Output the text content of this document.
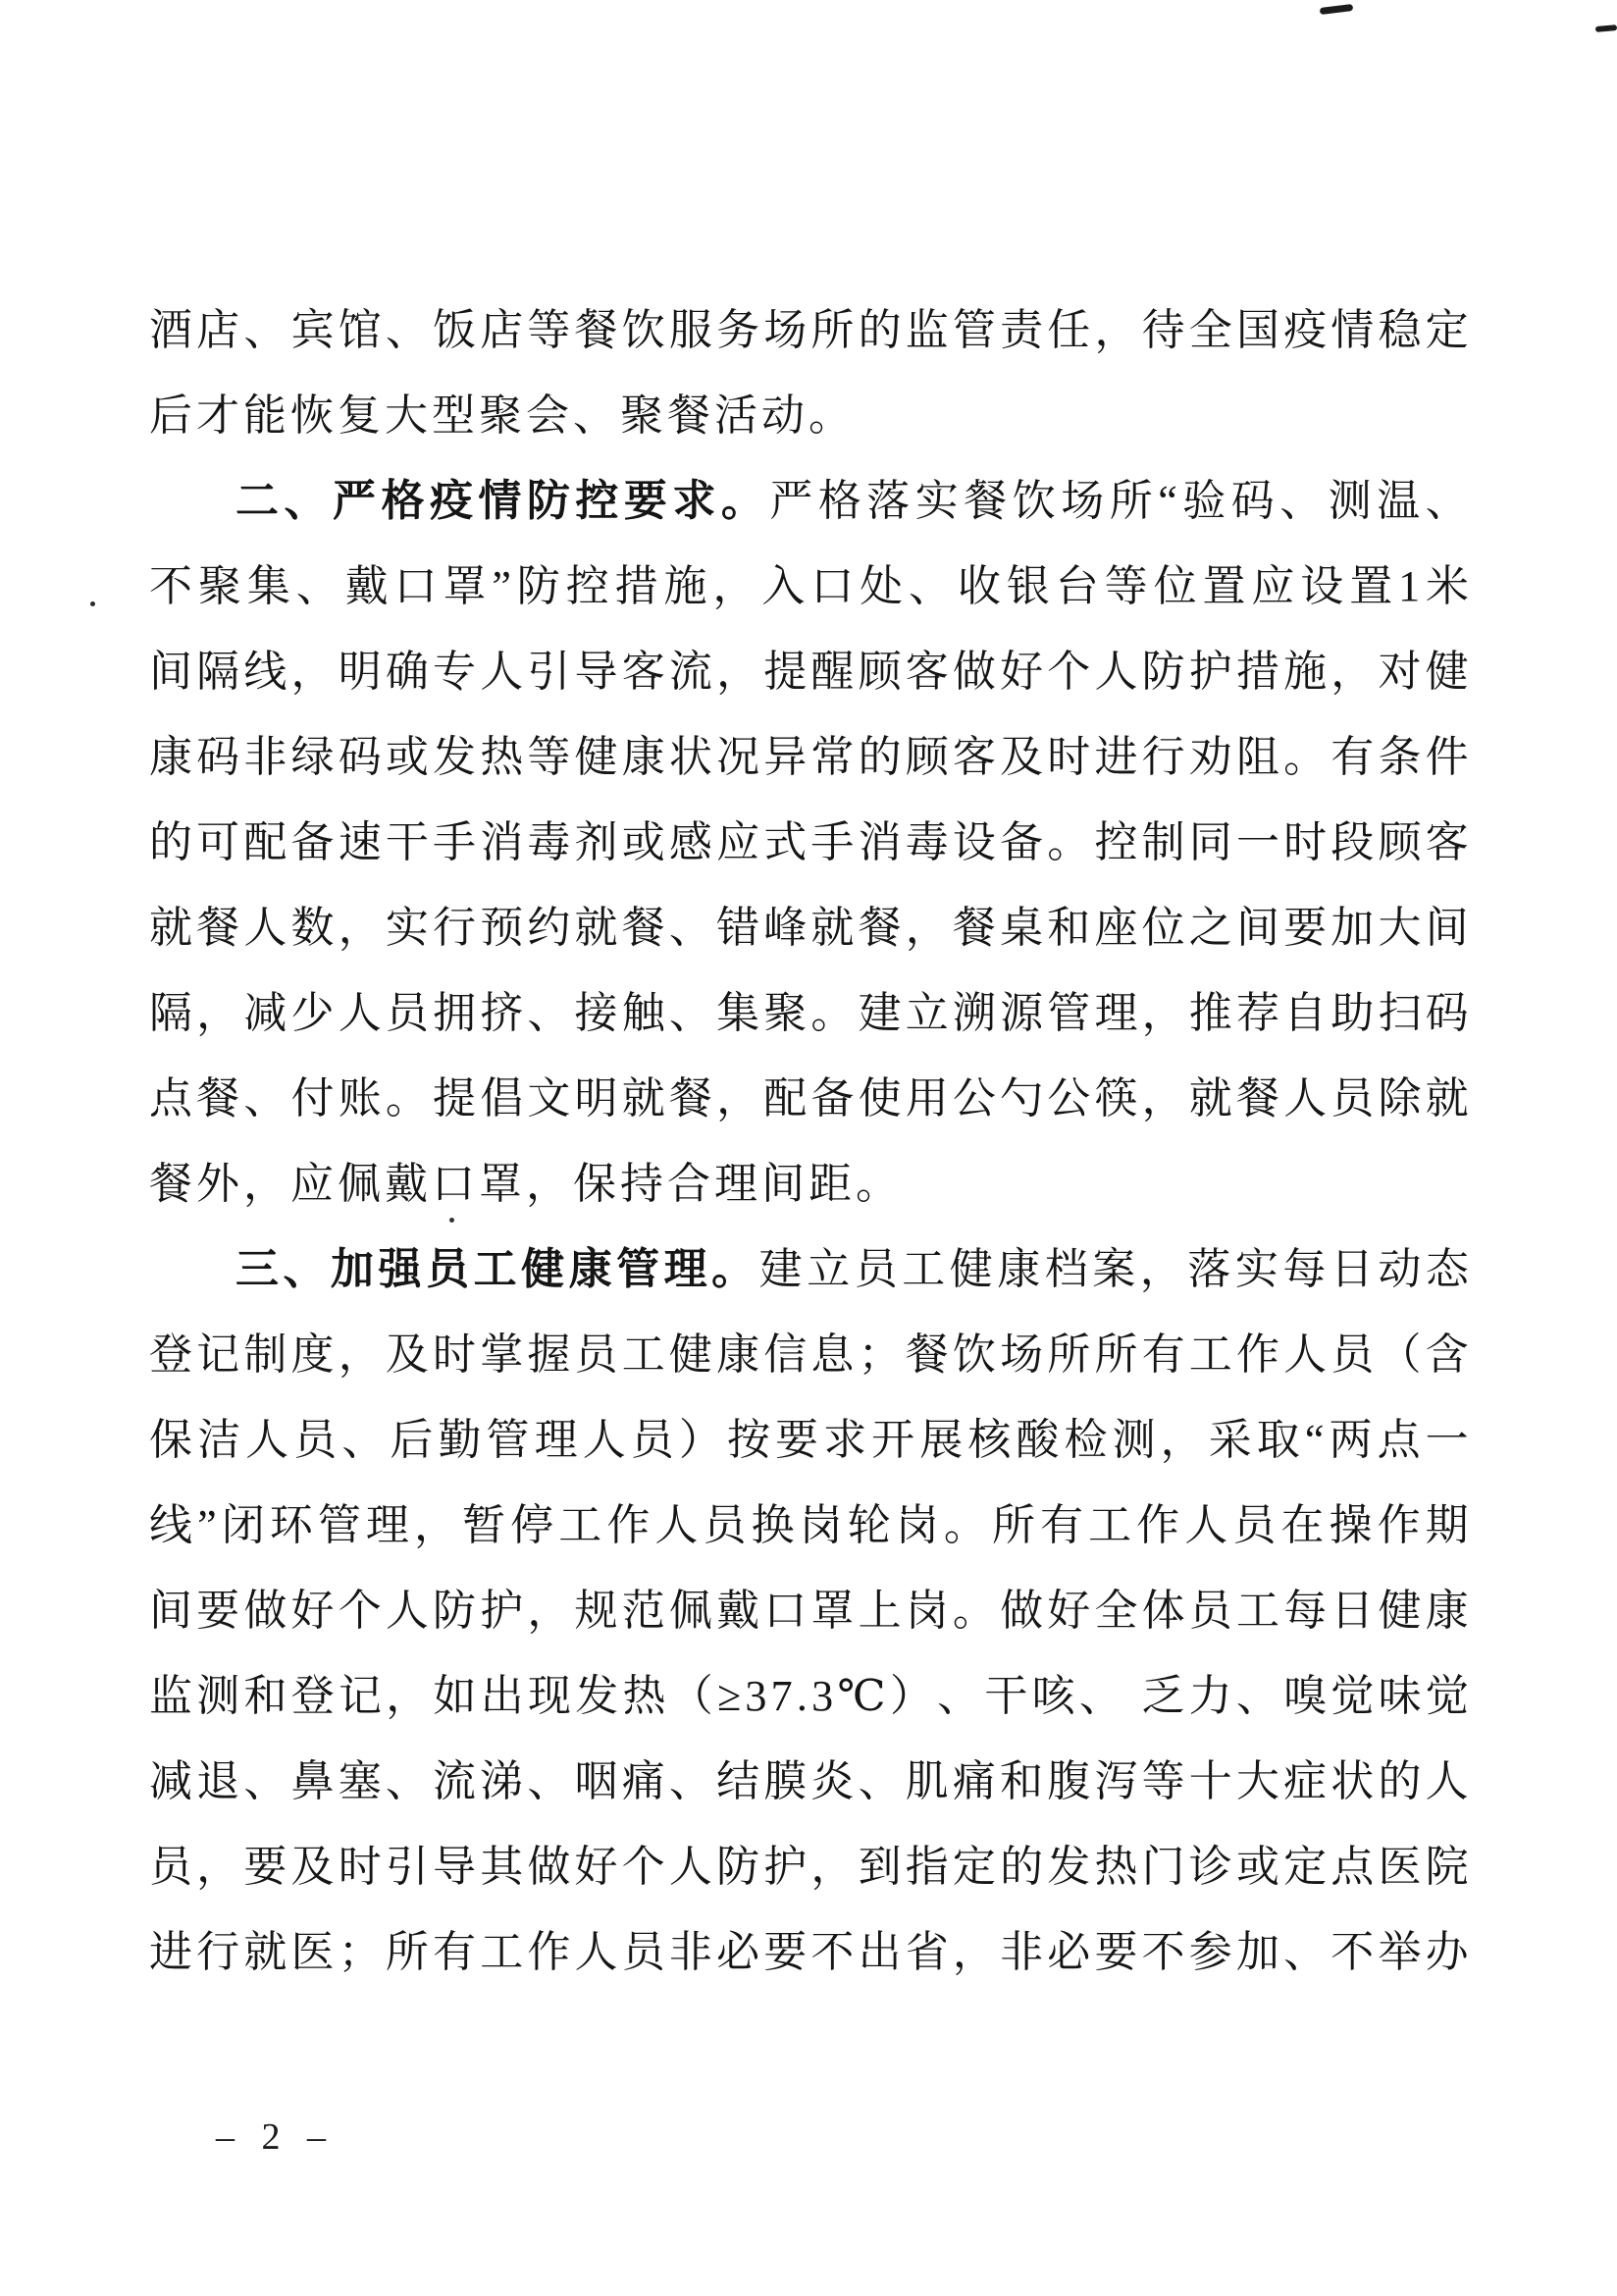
酒 店 、 宾 馆 、 饭 店 等 餐 饮 服 务 场 所 的 监 管 责 任 ， 待 全 国 疫 情 稳 定
后才能恢复大型聚会、聚餐活动。
二 、 严 格 疫 情 防 控 要 求 。 严 格 落 实 餐 饮 场 所 “ 验 码 、 测 温 、
不 聚 集 、 戴 口 罩 ” 防 控 措 施 ， 入 口 处 、 收 银 台 等 位 置 应 设 置 1 米
间 隔 线 ， 明 确 专 人 引 导 客 流 ， 提 醒 顾 客 做 好 个 人 防 护 措 施 ， 对 健
康 码 非 绿 码 或 发 热 等 健 康 状 况 异 常 的 顾 客 及 时 进 行 劝 阻 。 有 条 件
的 可 配 备 速 干 手 消 毒 剂 或 感 应 式 手 消 毒 设 备 。 控 制 同 一 时 段 顾 客
就 餐 人 数 ， 实 行 预 约 就 餐 、 错 峰 就 餐 ， 餐 桌 和 座 位 之 间 要 加 大 间
隔 ， 减 少 人 员 拥 挤 、 接 触 、 集 聚 。 建 立 溯 源 管 理 ， 推 荐 自 助 扫 码
点 餐 、 付 账 。 提 倡 文 明 就 餐 ， 配 备 使 用 公 勺 公 筷 ， 就 餐 人 员 除 就
餐外，应佩戴口罩，保持合理间距。
三 、 加 强 员 工 健 康 管 理 。 建 立 员 工 健 康 档 案 ， 落 实 每 日 动 态
登 记 制 度 ， 及 时 掌 握 员 工 健 康 信 息 ； 餐 饮 场 所 所 有 工 作 人 员 （ 含
保 洁 人 员 、 后 勤 管 理 人 员 ） 按 要 求 开 展 核 酸 检 测 ， 采 取 “ 两 点 一
线 ” 闭 环 管 理 ， 暂 停 工 作 人 员 换 岗 轮 岗 。 所 有 工 作 人 员 在 操 作 期
间 要 做 好 个 人 防 护 ， 规 范 佩 戴 口 罩 上 岗 。 做 好 全 体 员 工 每 日 健 康
监 测 和 登 记 ， 如 出 现 发 热 （ ≥ 3 7 . 3 ℃ ） 、 干 咳 、
乏 力 、 嗅 觉 味 觉
减 退 、 鼻 塞 、 流 涕 、 咽 痛 、 结 膜 炎 、 肌 痛 和 腹 泻 等 十 大 症 状 的 人
员 ， 要 及 时 引 导 其 做 好 个 人 防 护 ， 到 指 定 的 发 热 门 诊 或 定 点 医 院
进 行 就 医 ； 所 有 工 作 人 员 非 必 要 不 出 省 ， 非 必 要 不 参 加 、 不 举 办
– 2 –
